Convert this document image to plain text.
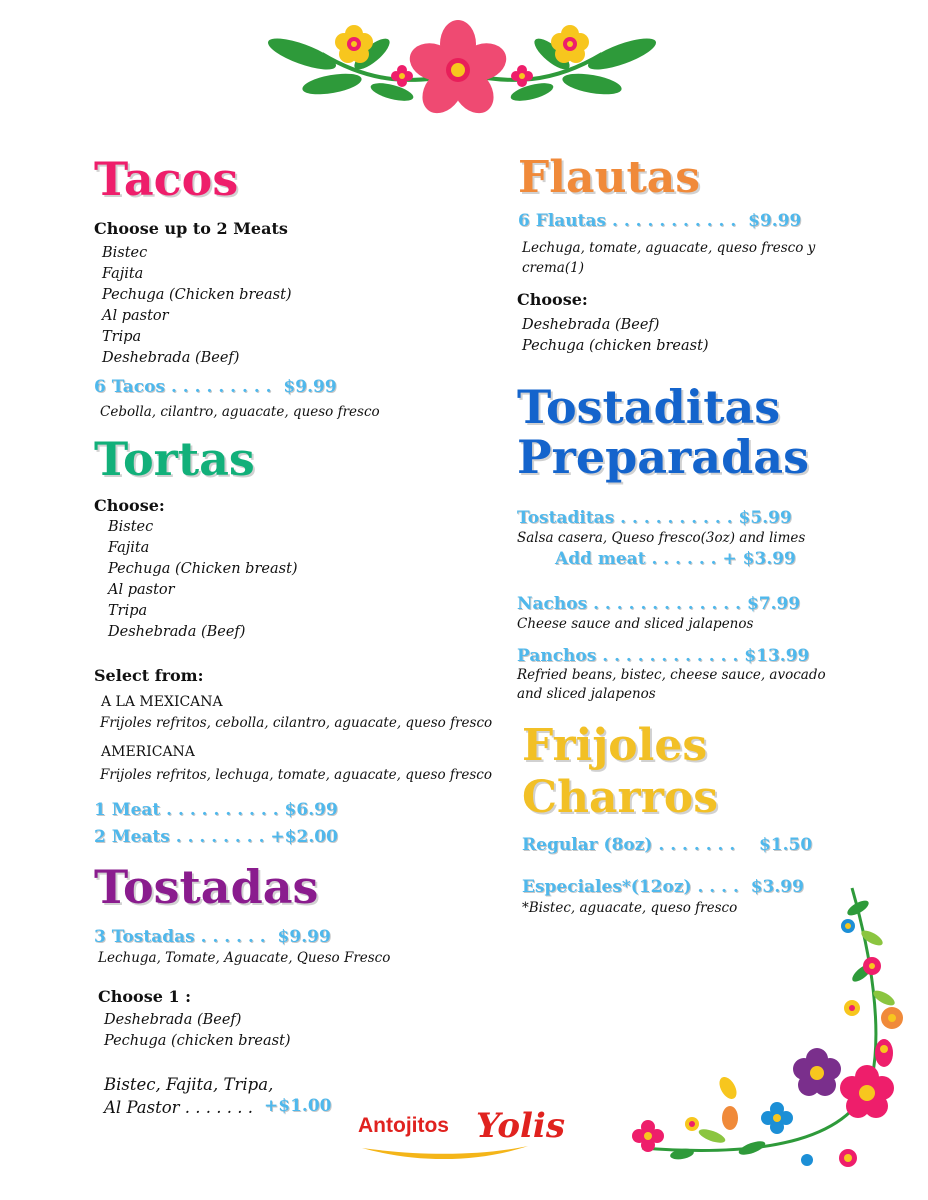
Tacos
Choose up to 2 Meats
Bistec
Fajita
Pechuga (Chicken breast)
Al pastor
Tripa
Deshebrada (Beef)
6 Tacos . . . . . . . . .  $9.99
Cebolla, cilantro, aguacate, queso fresco
Tortas
Choose:
Bistec
Fajita
Pechuga (Chicken breast)
Al pastor
Tripa
Deshebrada (Beef)
Select from:
A LA MEXICANA
Frijoles refritos, cebolla, cilantro, aguacate, queso fresco
AMERICANA
Frijoles refritos, lechuga, tomate, aguacate, queso fresco
1 Meat . . . . . . . . . . $6.99
2 Meats . . . . . . . . +$2.00
Tostadas
3 Tostadas . . . . . .  $9.99
Lechuga, Tomate, Aguacate, Queso Fresco
Choose 1 :
Deshebrada (Beef)
Pechuga (chicken breast)
Bistec, Fajita, Tripa,
Al Pastor . . . . . . . +$1.00
Flautas
6 Flautas . . . . . . . . . . .  $9.99
Lechuga, tomate, aguacate, queso fresco y crema(1)
Choose:
Deshebrada (Beef)
Pechuga (chicken breast)
Tostaditas
Preparadas
Tostaditas . . . . . . . . . . $5.99
Salsa casera, Queso fresco(3oz) and limes
Add meat . . . . . . + $3.99
Nachos . . . . . . . . . . . . . $7.99
Cheese sauce and sliced jalapenos
Panchos . . . . . . . . . . . . $13.99
Refried beans, bistec, cheese sauce, avocado and sliced jalapenos
Frijoles
Charros
Regular (8oz) . . . . . . .    $1.50
Especiales*(12oz) . . . .  $3.99
*Bistec, aguacate, queso fresco
Antojitos Yolis
